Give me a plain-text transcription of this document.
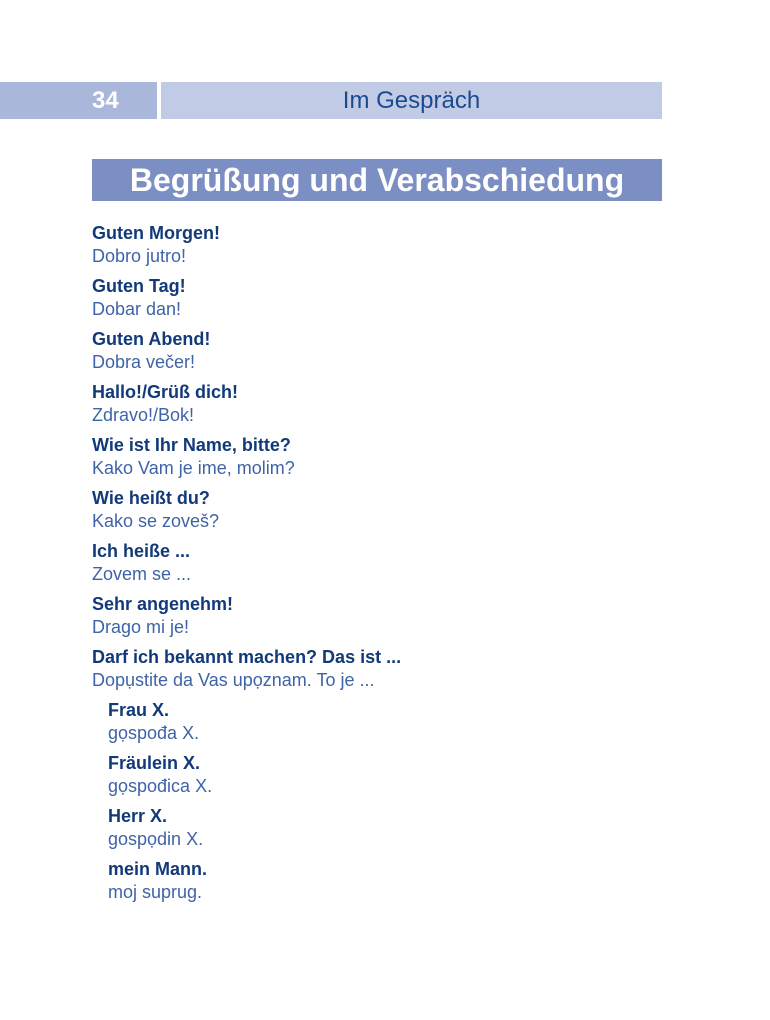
34	Im Gespräch
Begrüßung und Verabschiedung
Guten Morgen!
Dobro jutro!
Guten Tag!
Dobar dan!
Guten Abend!
Dobra večer!
Hallo!/Grüß dich!
Zdravo!/Bok!
Wie ist Ihr Name, bitte?
Kako Vam je ime, molim?
Wie heißt du?
Kako se zoveš?
Ich heiße ...
Zovem se ...
Sehr angenehm!
Drago mi je!
Darf ich bekannt machen? Das ist ...
Dopụstite da Vas upọznam. To je ...
Frau X.
gọspođa X.
Fräulein X.
gọspođica X.
Herr X.
gospọdin X.
mein Mann.
moj suprug.
